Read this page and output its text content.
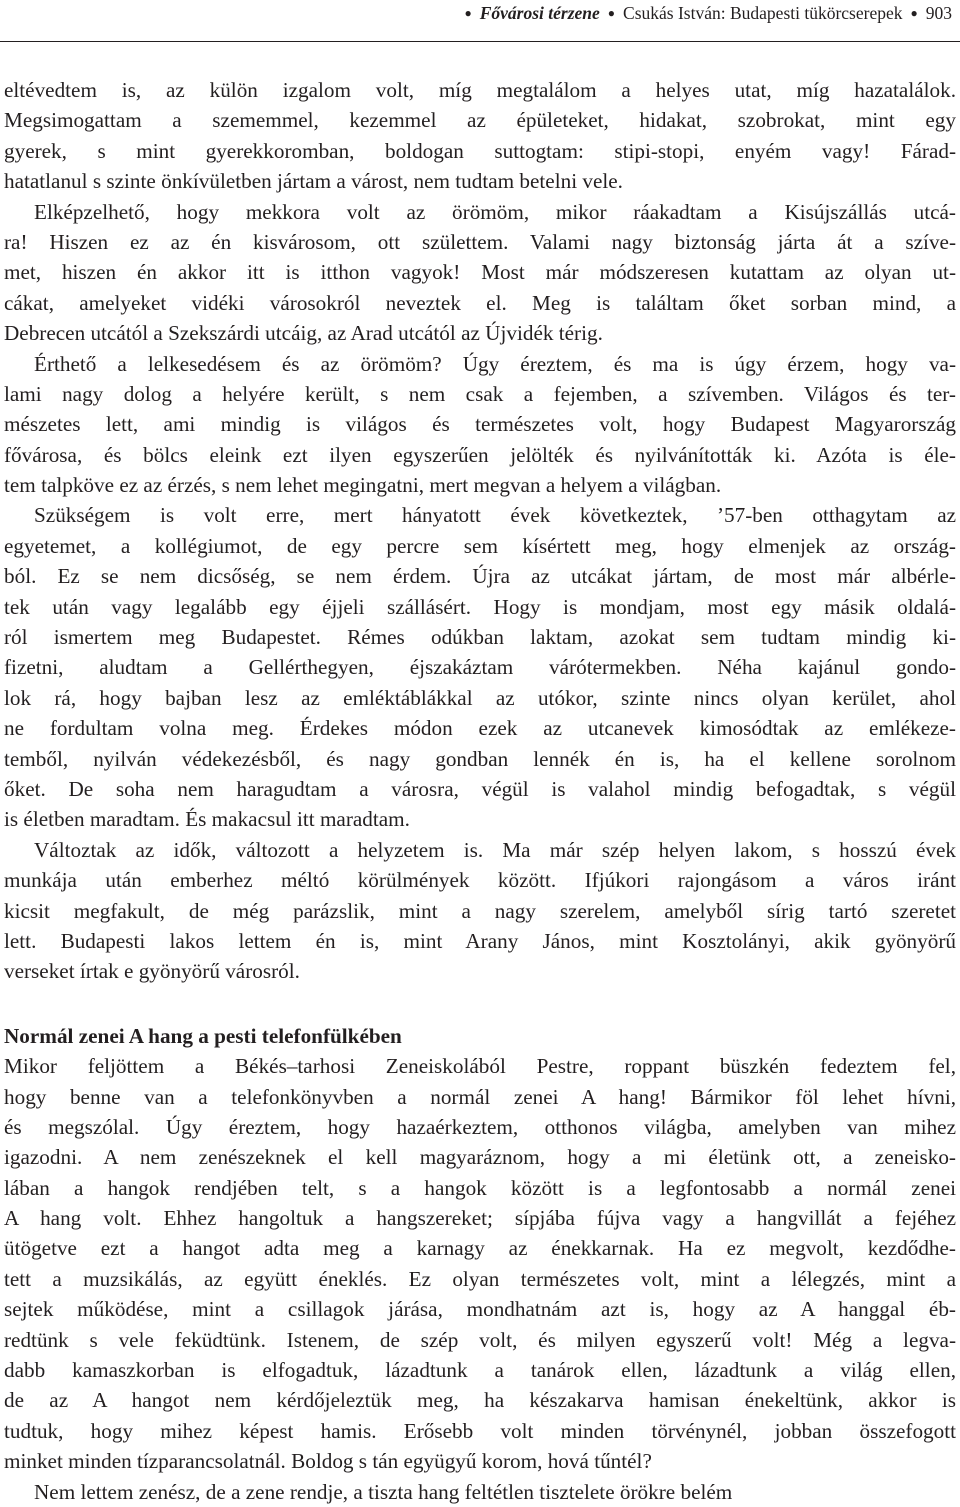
● Fővárosi térzene ● Csukás István: Budapesti tükörcserepek ● 903
eltévedtem is, az külön izgalom volt, míg megtalálom a helyes utat, míg hazatalálok.
Megsimogattam a szememmel, kezemmel az épületeket, hidakat, szobrokat, mint egy
gyerek, s mint gyerekkoromban, boldogan suttogtam: stipi-stopi, enyém vagy! Fárad-
hatatlanul s szinte önkívületben jártam a várost, nem tudtam betelni vele.
Elképzelhető, hogy mekkora volt az örömöm, mikor ráakadtam a Kisújszállás utcá-
ra! Hiszen ez az én kisvárosom, ott születtem. Valami nagy biztonság járta át a szíve-
met, hiszen én akkor itt is itthon vagyok! Most már módszeresen kutattam az olyan ut-
cákat, amelyeket vidéki városokról neveztek el. Meg is találtam őket sorban mind, a
Debrecen utcától a Szekszárdi utcáig, az Arad utcától az Újvidék térig.
Érthető a lelkesedésem és az örömöm? Úgy éreztem, és ma is úgy érzem, hogy va-
lami nagy dolog a helyére került, s nem csak a fejemben, a szívemben. Világos és ter-
mészetes lett, ami mindig is világos és természetes volt, hogy Budapest Magyarország
fővárosa, és bölcs eleink ezt ilyen egyszerűen jelölték és nyilvánították ki. Azóta is éle-
tem talpköve ez az érzés, s nem lehet megingatni, mert megvan a helyem a világban.
Szükségem is volt erre, mert hányatott évek következtek, ’57-ben otthagytam az
egyetemet, a kollégiumot, de egy percre sem kísértett meg, hogy elmenjek az ország-
ból. Ez se nem dicsőség, se nem érdem. Újra az utcákat jártam, de most már albérle-
tek után vagy legalább egy éjjeli szállásért. Hogy is mondjam, most egy másik oldalá-
ról ismertem meg Budapestet. Rémes odúkban laktam, azokat sem tudtam mindig ki-
fizetni, aludtam a Gellérthegyen, éjszakáztam várótermekben. Néha kajánul gondo-
lok rá, hogy bajban lesz az emléktáblákkal az utókor, szinte nincs olyan kerület, ahol
ne fordultam volna meg. Érdekes módon ezek az utcanevek kimosódtak az emlékeze-
temből, nyilván védekezésből, és nagy gondban lennék én is, ha el kellene sorolnom
őket. De soha nem haragudtam a városra, végül is valahol mindig befogadtak, s végül
is életben maradtam. És makacsul itt maradtam.
Változtak az idők, változott a helyzetem is. Ma már szép helyen lakom, s hosszú évek
munkája után emberhez méltó körülmények között. Ifjúkori rajongásom a város iránt
kicsit megfakult, de még parázslik, mint a nagy szerelem, amelyből sírig tartó szeretet
lett. Budapesti lakos lettem én is, mint Arany János, mint Kosztolányi, akik gyönyörű
verseket írtak e gyönyörű városról.
Normál zenei A hang a pesti telefonfülkében
Mikor feljöttem a Békés–tarhosi Zeneiskolából Pestre, roppant büszkén fedeztem fel,
hogy benne van a telefonkönyvben a normál zenei A hang! Bármikor föl lehet hívni,
és megszólal. Úgy éreztem, hogy hazaérkeztem, otthonos világba, amelyben van mihez
igazodni. A nem zenészeknek el kell magyaráznom, hogy a mi életünk ott, a zeneisko-
lában a hangok rendjében telt, s a hangok között is a legfontosabb a normál zenei
A hang volt. Ehhez hangoltuk a hangszereket; sípjába fújva vagy a hangvillát a fejéhez
ütögetve ezt a hangot adta meg a karnagy az énekkarnak. Ha ez megvolt, kezdődhe-
tett a muzsikálás, az együtt éneklés. Ez olyan természetes volt, mint a lélegzés, mint a
sejtek működése, mint a csillagok járása, mondhatnám azt is, hogy az A hanggal éb-
redtünk s vele feküdtünk. Istenem, de szép volt, és milyen egyszerű volt! Még a legva-
dabb kamaszkorban is elfogadtuk, lázadtunk a tanárok ellen, lázadtunk a világ ellen,
de az A hangot nem kérdőjeleztük meg, ha készakarva hamisan énekeltünk, akkor is
tudtuk, hogy mihez képest hamis. Erősebb volt minden törvénynél, jobban összefogott
minket minden tízparancsolatnál. Boldog s tán együgyű korom, hová tűntél?
Nem lettem zenész, de a zene rendje, a tiszta hang feltétlen tisztelete örökre belém
